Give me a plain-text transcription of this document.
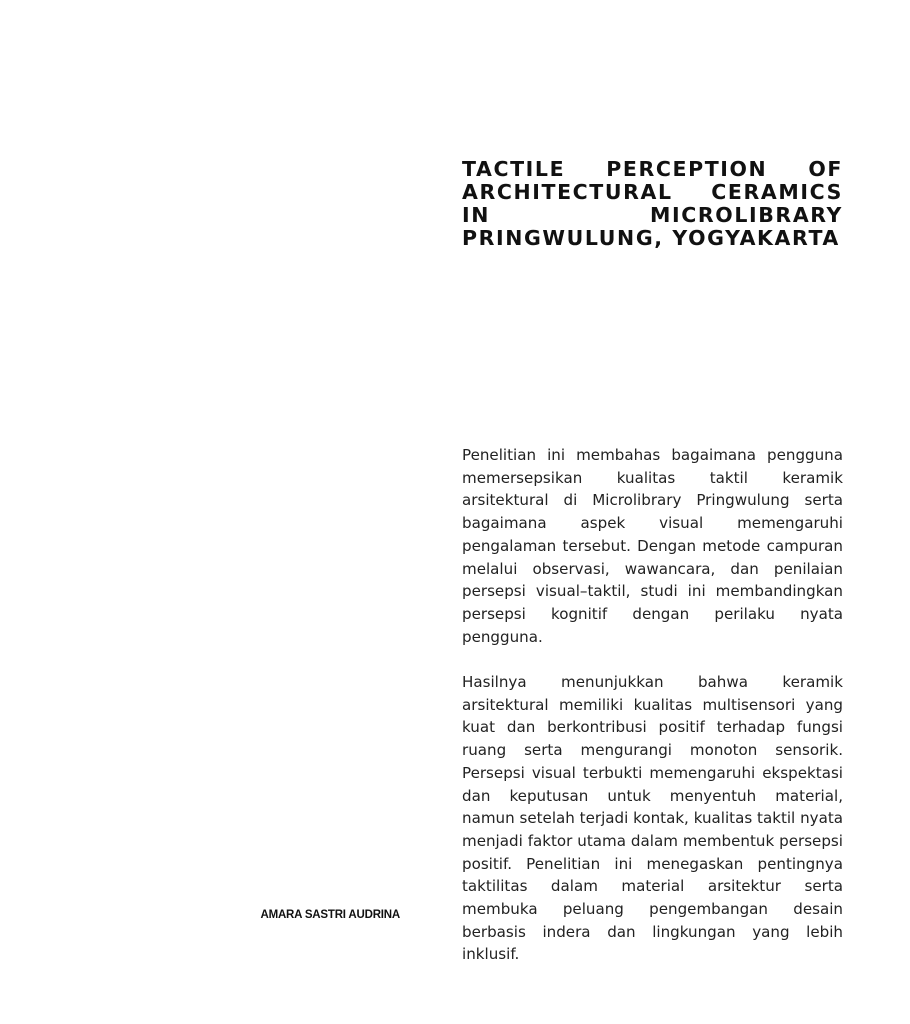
TACTILE PERCEPTION OF
ARCHITECTURAL CERAMICS
IN MICROLIBRARY
PRINGWULUNG, YOGYAKARTA

Penelitian ini membahas bagaimana pengguna memersepsikan kualitas taktil keramik arsitektural di Microlibrary Pringwulung serta bagaimana aspek visual memengaruhi pengalaman tersebut. Dengan metode campuran melalui observasi, wawancara, dan penilaian persepsi visual–taktil, studi ini membandingkan persepsi kognitif dengan perilaku nyata pengguna.

Hasilnya menunjukkan bahwa keramik arsitektural memiliki kualitas multisensori yang kuat dan berkontribusi positif terhadap fungsi ruang serta mengurangi monoton sensorik. Persepsi visual terbukti memengaruhi ekspektasi dan keputusan untuk menyentuh material, namun setelah terjadi kontak, kualitas taktil nyata menjadi faktor utama dalam membentuk persepsi positif. Penelitian ini menegaskan pentingnya taktilitas dalam material arsitektur serta membuka peluang pengembangan desain berbasis indera dan lingkungan yang lebih inklusif.

AMARA SASTRI AUDRINA
